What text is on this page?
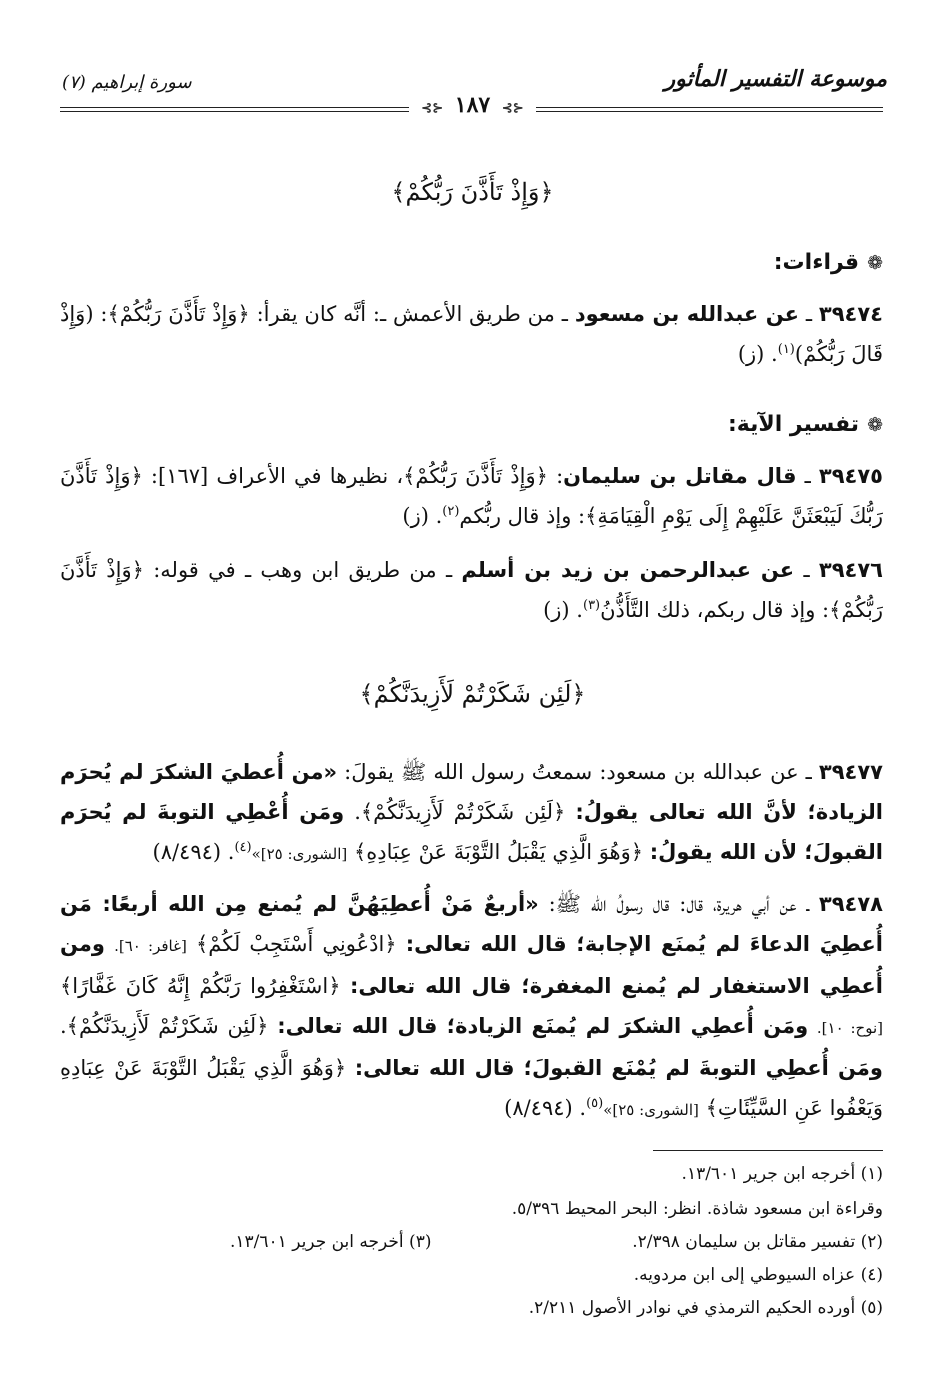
موسوعة التفسير المأثور
سورة إبراهيم (٧)
⊰⊱ ١٨٧ ⊰⊱
﴿وَإِذْ تَأَذَّنَ رَبُّكُمْ﴾
❁قراءات:
٣٩٤٧٤ ـ عن عبدالله بن مسعود ـ من طريق الأعمش ـ: أنَّه كان يقرأ: ﴿وَإِذْ تَأَذَّنَ رَبُّكُمْ﴾: (وَإِذْ قَالَ رَبُّكُمْ)$^{(١)}$. (ز)
❁تفسير الآية:
٣٩٤٧٥ ـ قال مقاتل بن سليمان: ﴿وَإِذْ تَأَذَّنَ رَبُّكُمْ﴾، نظيرها في الأعراف [١٦٧]: ﴿وَإِذْ تَأَذَّنَ رَبُّكَ لَيَبْعَثَنَّ عَلَيْهِمْ إِلَى يَوْمِ الْقِيَامَةِ﴾: وإذ قال ربُّكم$^{(٢)}$. (ز)
٣٩٤٧٦ ـ عن عبدالرحمن بن زيد بن أسلم ـ من طريق ابن وهب ـ في قوله: ﴿وَإِذْ تَأَذَّنَ رَبُّكُمْ﴾: وإذ قال ربكم، ذلك التَّأَذُّنُ$^{(٣)}$. (ز)
﴿لَئِن شَكَرْتُمْ لَأَزِيدَنَّكُمْ﴾
٣٩٤٧٧ ـ عن عبدالله بن مسعود: سمعتُ رسول الله ﷺ يقولَ: «من أُعطيَ الشكرَ لم يُحرَم الزيادة؛ لأنَّ الله تعالى يقولُ: ﴿لَئِن شَكَرْتُمْ لَأَزِيدَنَّكُمْ﴾. ومَن أُعْطِي التوبةَ لم يُحرَم القبولَ؛ لأن الله يقولُ: ﴿وَهُوَ الَّذِي يَقْبَلُ التَّوْبَةَ عَنْ عِبَادِهِ﴾ [الشورى: ٢٥]»$^{(٤)}$. (٨/٤٩٤)
٣٩٤٧٨ ـ عن أبي هريرة، قال: قال رسولُ الله ﷺ: «أربعٌ مَنْ أُعطِيَهُنَّ لم يُمنع مِن الله أربعًا: مَن أُعطِيَ الدعاءَ لم يُمنَع الإجابة؛ قال الله تعالى: ﴿ادْعُونِي أَسْتَجِبْ لَكُمْ﴾ [غافر: ٦٠]. ومن أُعطِي الاستغفار لم يُمنع المغفرة؛ قال الله تعالى: ﴿اسْتَغْفِرُوا رَبَّكُمْ إِنَّهُ كَانَ غَفَّارًا﴾ [نوح: ١٠]. ومَن أُعطِي الشكرَ لم يُمنَع الزيادة؛ قال الله تعالى: ﴿لَئِن شَكَرْتُمْ لَأَزِيدَنَّكُمْ﴾. ومَن أُعطِي التوبةَ لم يُمْنَع القبولَ؛ قال الله تعالى: ﴿وَهُوَ الَّذِي يَقْبَلُ التَّوْبَةَ عَنْ عِبَادِهِ وَيَعْفُوا عَنِ السَّيِّئَاتِ﴾ [الشورى: ٢٥]»$^{(٥)}$. (٨/٤٩٤)
(١) أخرجه ابن جرير ١٣/٦٠١.
وقراءة ابن مسعود شاذة. انظر: البحر المحيط ٥/٣٩٦.
(٢) تفسير مقاتل بن سليمان ٢/٣٩٨.
(٣) أخرجه ابن جرير ١٣/٦٠١.
(٤) عزاه السيوطي إلى ابن مردويه.
(٥) أورده الحكيم الترمذي في نوادر الأصول ٢/٢١١.
